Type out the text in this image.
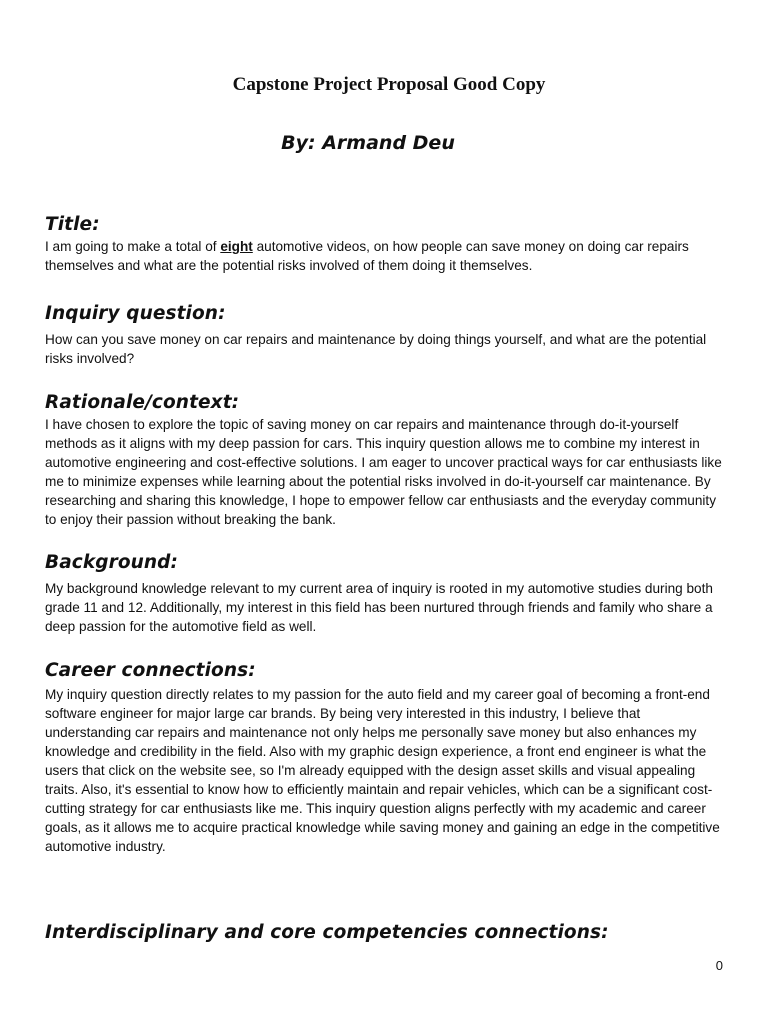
Capstone Project Proposal Good Copy
By: Armand Deu
Title:

I am going to make a total of eight automotive videos, on how people can save money on doing car repairs themselves and what are the potential risks involved of them doing it themselves.

Inquiry question:

How can you save money on car repairs and maintenance by doing things yourself, and what are the potential risks involved?

Rationale/context:

I have chosen to explore the topic of saving money on car repairs and maintenance through do-it-yourself methods as it aligns with my deep passion for cars. This inquiry question allows me to combine my interest in automotive engineering and cost-effective solutions. I am eager to uncover practical ways for car enthusiasts like me to minimize expenses while learning about the potential risks involved in do-it-yourself car maintenance. By researching and sharing this knowledge, I hope to empower fellow car enthusiasts and the everyday community to enjoy their passion without breaking the bank.

Background:

My background knowledge relevant to my current area of inquiry is rooted in my automotive studies during both grade 11 and 12. Additionally, my interest in this field has been nurtured through friends and family who share a deep passion for the automotive field as well.

Career connections:

My inquiry question directly relates to my passion for the auto field and my career goal of becoming a front-end software engineer for major large car brands. By being very interested in this industry, I believe that understanding car repairs and maintenance not only helps me personally save money but also enhances my knowledge and credibility in the field. Also with my graphic design experience, a front end engineer is what the users that click on the website see, so I'm already equipped with the design asset skills and visual appealing traits. Also, it's essential to know how to efficiently maintain and repair vehicles, which can be a significant cost-cutting strategy for car enthusiasts like me. This inquiry question aligns perfectly with my academic and career goals, as it allows me to acquire practical knowledge while saving money and gaining an edge in the competitive automotive industry.

Interdisciplinary and core competencies connections:
0
